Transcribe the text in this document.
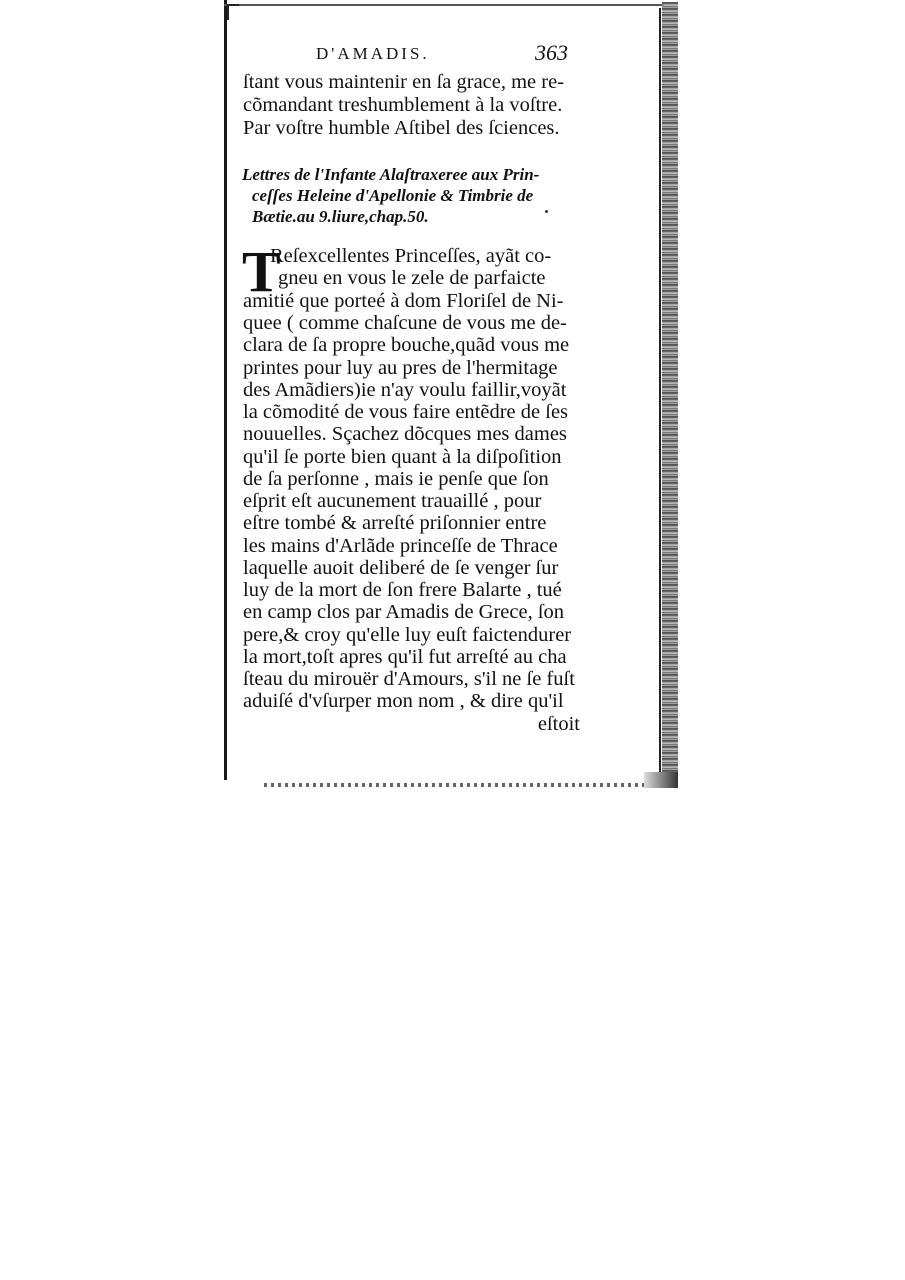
D'AMADIS.	363
ſtant vous maintenir en ſa grace, me re-
cõmandant treshumblement à la voſtre.
Par voſtre humble Aſtibel des ſciences.
Lettres de l'Infante Alaſtraxeree aux Prin-
ceſſes Heleine d'Apellonie & Timbrie de
Bætie.au 9.liure,chap.50.
T
Reſexcellentes Princeſſes, ayãt co-
gneu en vous le zele de parfaicte
amitié que porteé à dom Floriſel de Ni-
quee ( comme chaſcune de vous me de-
clara de ſa propre bouche,quãd vous me
printes pour luy au pres de l'hermitage
des Amãdiers)ie n'ay voulu faillir,voyãt
la cõmodité de vous faire entẽdre de ſes
nouuelles. Sçachez dõcques mes dames
qu'il ſe porte bien quant à la diſpoſition
de ſa perſonne , mais ie penſe que ſon
eſprit eſt aucunement trauaillé , pour
eſtre tombé & arreſté priſonnier entre
les mains d'Arlãde princeſſe de Thrace
laquelle auoit deliberé de ſe venger ſur
luy de la mort de ſon frere Balarte , tué
en camp clos par Amadis de Grece, ſon
pere,& croy qu'elle luy euſt faictendurer
la mort,toſt apres qu'il fut arreſté au cha
ſteau du mirouër d'Amours, s'il ne ſe fuſt
aduiſé d'vſurper mon nom , & dire qu'il
eſtoit
